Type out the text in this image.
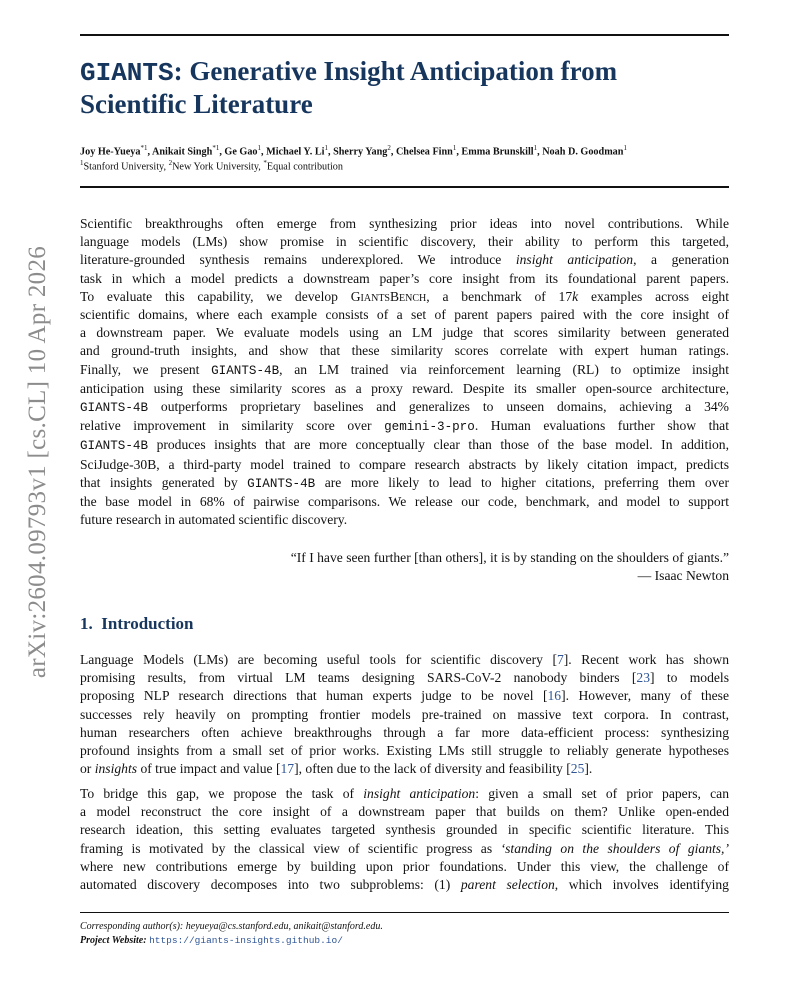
arXiv:2604.09793v1 [cs.CL] 10 Apr 2026
GIANTS: Generative Insight Anticipation from
Scientific Literature
Joy He-Yueya$^{*1}$, Anikait Singh$^{*1}$, Ge Gao$^1$, Michael Y. Li$^1$, Sherry Yang$^2$, Chelsea Finn$^1$, Emma Brunskill$^1$, Noah D. Goodman$^1$
$^1$Stanford University, $^2$New York University, *Equal contribution
Scientific breakthroughs often emerge from synthesizing prior ideas into novel contributions. While
language models (LMs) show promise in scientific discovery, their ability to perform this targeted,
literature-grounded synthesis remains underexplored. We introduce insight anticipation, a generation
task in which a model predicts a downstream paper’s core insight from its foundational parent papers.
To evaluate this capability, we develop GiantsBench, a benchmark of 17k examples across eight
scientific domains, where each example consists of a set of parent papers paired with the core insight of
a downstream paper. We evaluate models using an LM judge that scores similarity between generated
and ground-truth insights, and show that these similarity scores correlate with expert human ratings.
Finally, we present GIANTS-4B, an LM trained via reinforcement learning (RL) to optimize insight
anticipation using these similarity scores as a proxy reward. Despite its smaller open-source architecture,
GIANTS-4B outperforms proprietary baselines and generalizes to unseen domains, achieving a 34%
relative improvement in similarity score over gemini-3-pro. Human evaluations further show that
GIANTS-4B produces insights that are more conceptually clear than those of the base model. In addition,
SciJudge-30B, a third-party model trained to compare research abstracts by likely citation impact, predicts
that insights generated by GIANTS-4B are more likely to lead to higher citations, preferring them over
the base model in 68% of pairwise comparisons. We release our code, benchmark, and model to support
future research in automated scientific discovery.
“If I have seen further [than others], it is by standing on the shoulders of giants.”
— Isaac Newton
1. Introduction
Language Models (LMs) are becoming useful tools for scientific discovery [7]. Recent work has shown
promising results, from virtual LM teams designing SARS-CoV-2 nanobody binders [23] to models
proposing NLP research directions that human experts judge to be novel [16]. However, many of these
successes rely heavily on prompting frontier models pre-trained on massive text corpora. In contrast,
human researchers often achieve breakthroughs through a far more data-efficient process: synthesizing
profound insights from a small set of prior works. Existing LMs still struggle to reliably generate hypotheses
or insights of true impact and value [17], often due to the lack of diversity and feasibility [25].
To bridge this gap, we propose the task of insight anticipation: given a small set of prior papers, can
a model reconstruct the core insight of a downstream paper that builds on them? Unlike open-ended
research ideation, this setting evaluates targeted synthesis grounded in specific scientific literature. This
framing is motivated by the classical view of scientific progress as ‘standing on the shoulders of giants,’
where new contributions emerge by building upon prior foundations. Under this view, the challenge of
automated discovery decomposes into two subproblems: (1) parent selection, which involves identifying
Corresponding author(s): heyueya@cs.stanford.edu, anikait@stanford.edu.
Project Website: https://giants-insights.github.io/
